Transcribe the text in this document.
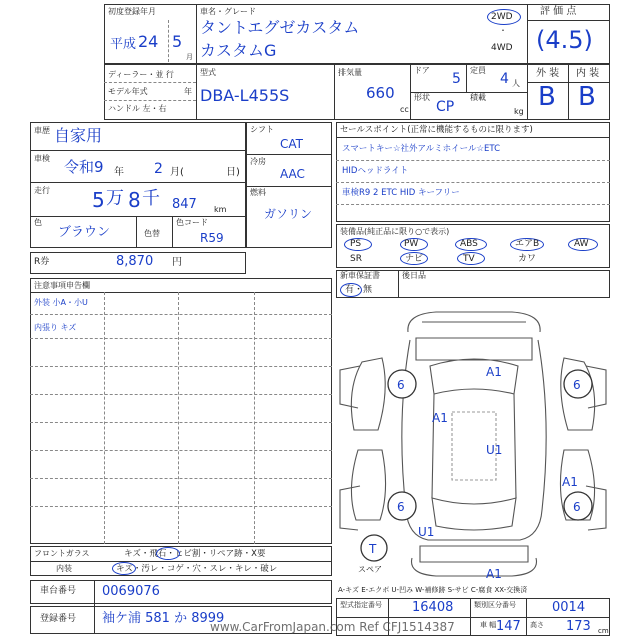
初度登録年月
平成 24 5
月
車名・グレード
タントエグゼカスタム
カスタムG
2WD
・
4WD
評 価 点
(4.5)
ディーラー・並 行
モデル年式	年
ハンドル 左・右
型式
DBA-L455S
排気量
660
cc
ドア
5
定員
4 人
形状
CP
積載
kg
外 装 内 装
B B
車歴 自家用
車検 令和9 年 2 月(	日)
走行 5 万 8 千 847 km
色
ブラウン	色替
色コード
R59
シフト
CAT
冷房
AAC
燃料
ガソリン
R券	8,870 円
セールスポイント(正常に機能するものに限ります)
スマートキー☆社外アルミホイール☆ETC
HIDヘッドライト
車検R9 2 ETC HID キーフリー
装備品(純正品に限り○で表示)
PS	PW	ABS	エアB	AW
SR	ナビ	TV	カワ
新車保証書
有・無
後日品
注意事項申告欄
外装 小A・小U
内張り キズ
フロントガラス	キズ・飛石・ヒビ割・リペア跡・X要
内装	キズ・汚レ・コゲ・穴・スレ・キレ・破レ
車台番号 0069076
登録番号 袖ケ浦 581 か 8999
A1
6	6
A1
U1
A1
6	6
U1
A1
T
スペア
A-キズ E-エクボ U-凹み W-補修跡 S-サビ C-腐食 XX-交換済
型式指定番号 16408	類別区分番号	0014
車 幅 147 高さ 173 cm
www.CarFromJapan.com Ref CFJ1514387
